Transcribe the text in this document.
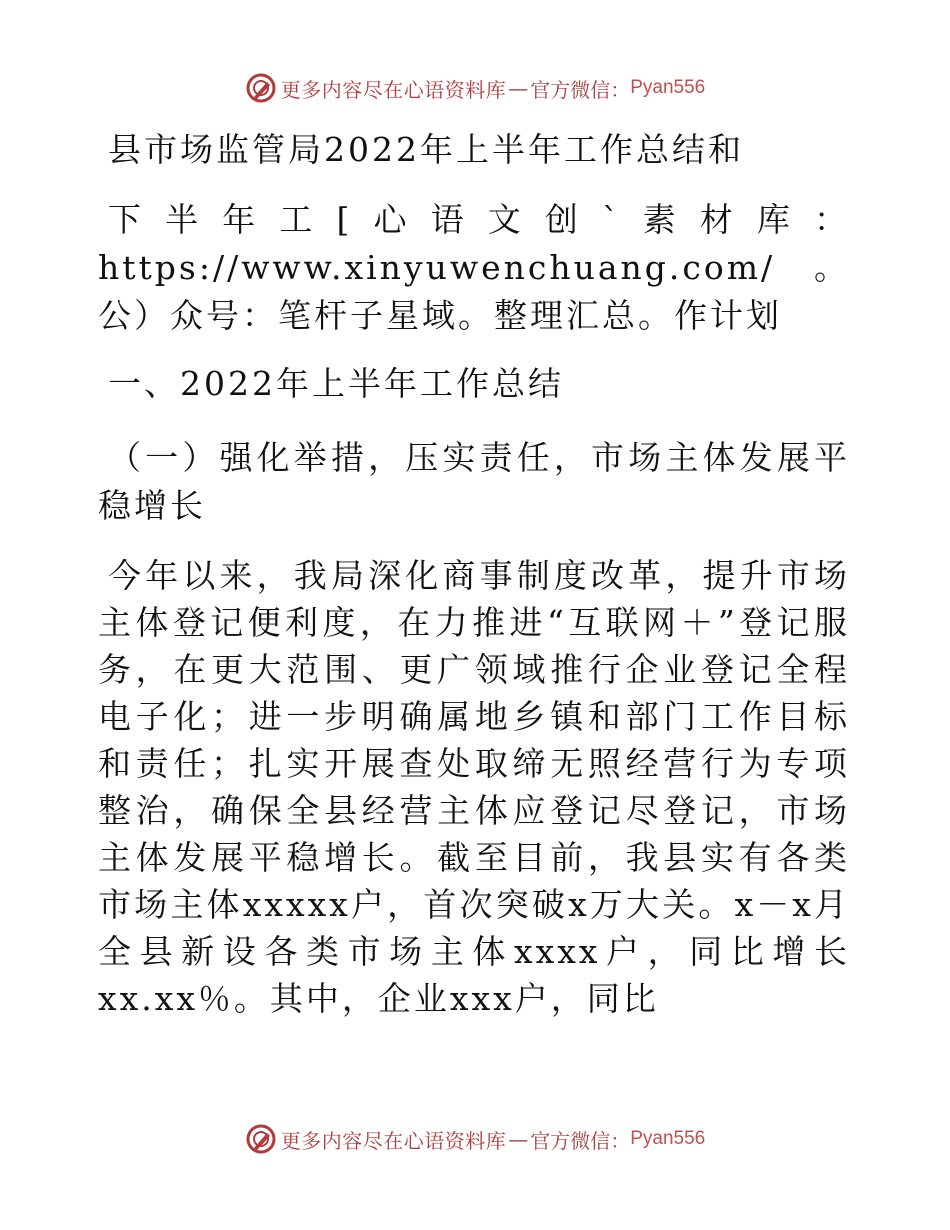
更多内容尽在心语资料库 — 官方微信： Pyan556

县市场监管局2022年上半年工作总结和

下半年工[心语文创`素材库：https://www.xinyuwenchuang.com/。公）众号：笔杆子星域。整理汇总。作计划

一、2022年上半年工作总结

（一）强化举措，压实责任，市场主体发展平稳增长

今年以来，我局深化商事制度改革，提升市场主体登记便利度，在力推进“互联网＋”登记服务，在更大范围、更广领域推行企业登记全程电子化；进一步明确属地乡镇和部门工作目标和责任；扎实开展查处取缔无照经营行为专项整治，确保全县经营主体应登记尽登记，市场主体发展平稳增长。截至目前，我县实有各类市场主体xxxxx户，首次突破x万大关。x－x月全县新设各类市场主体xxxx户，同比增长xx.xx％。其中，企业xxx户，同比

更多内容尽在心语资料库 — 官方微信： Pyan556
